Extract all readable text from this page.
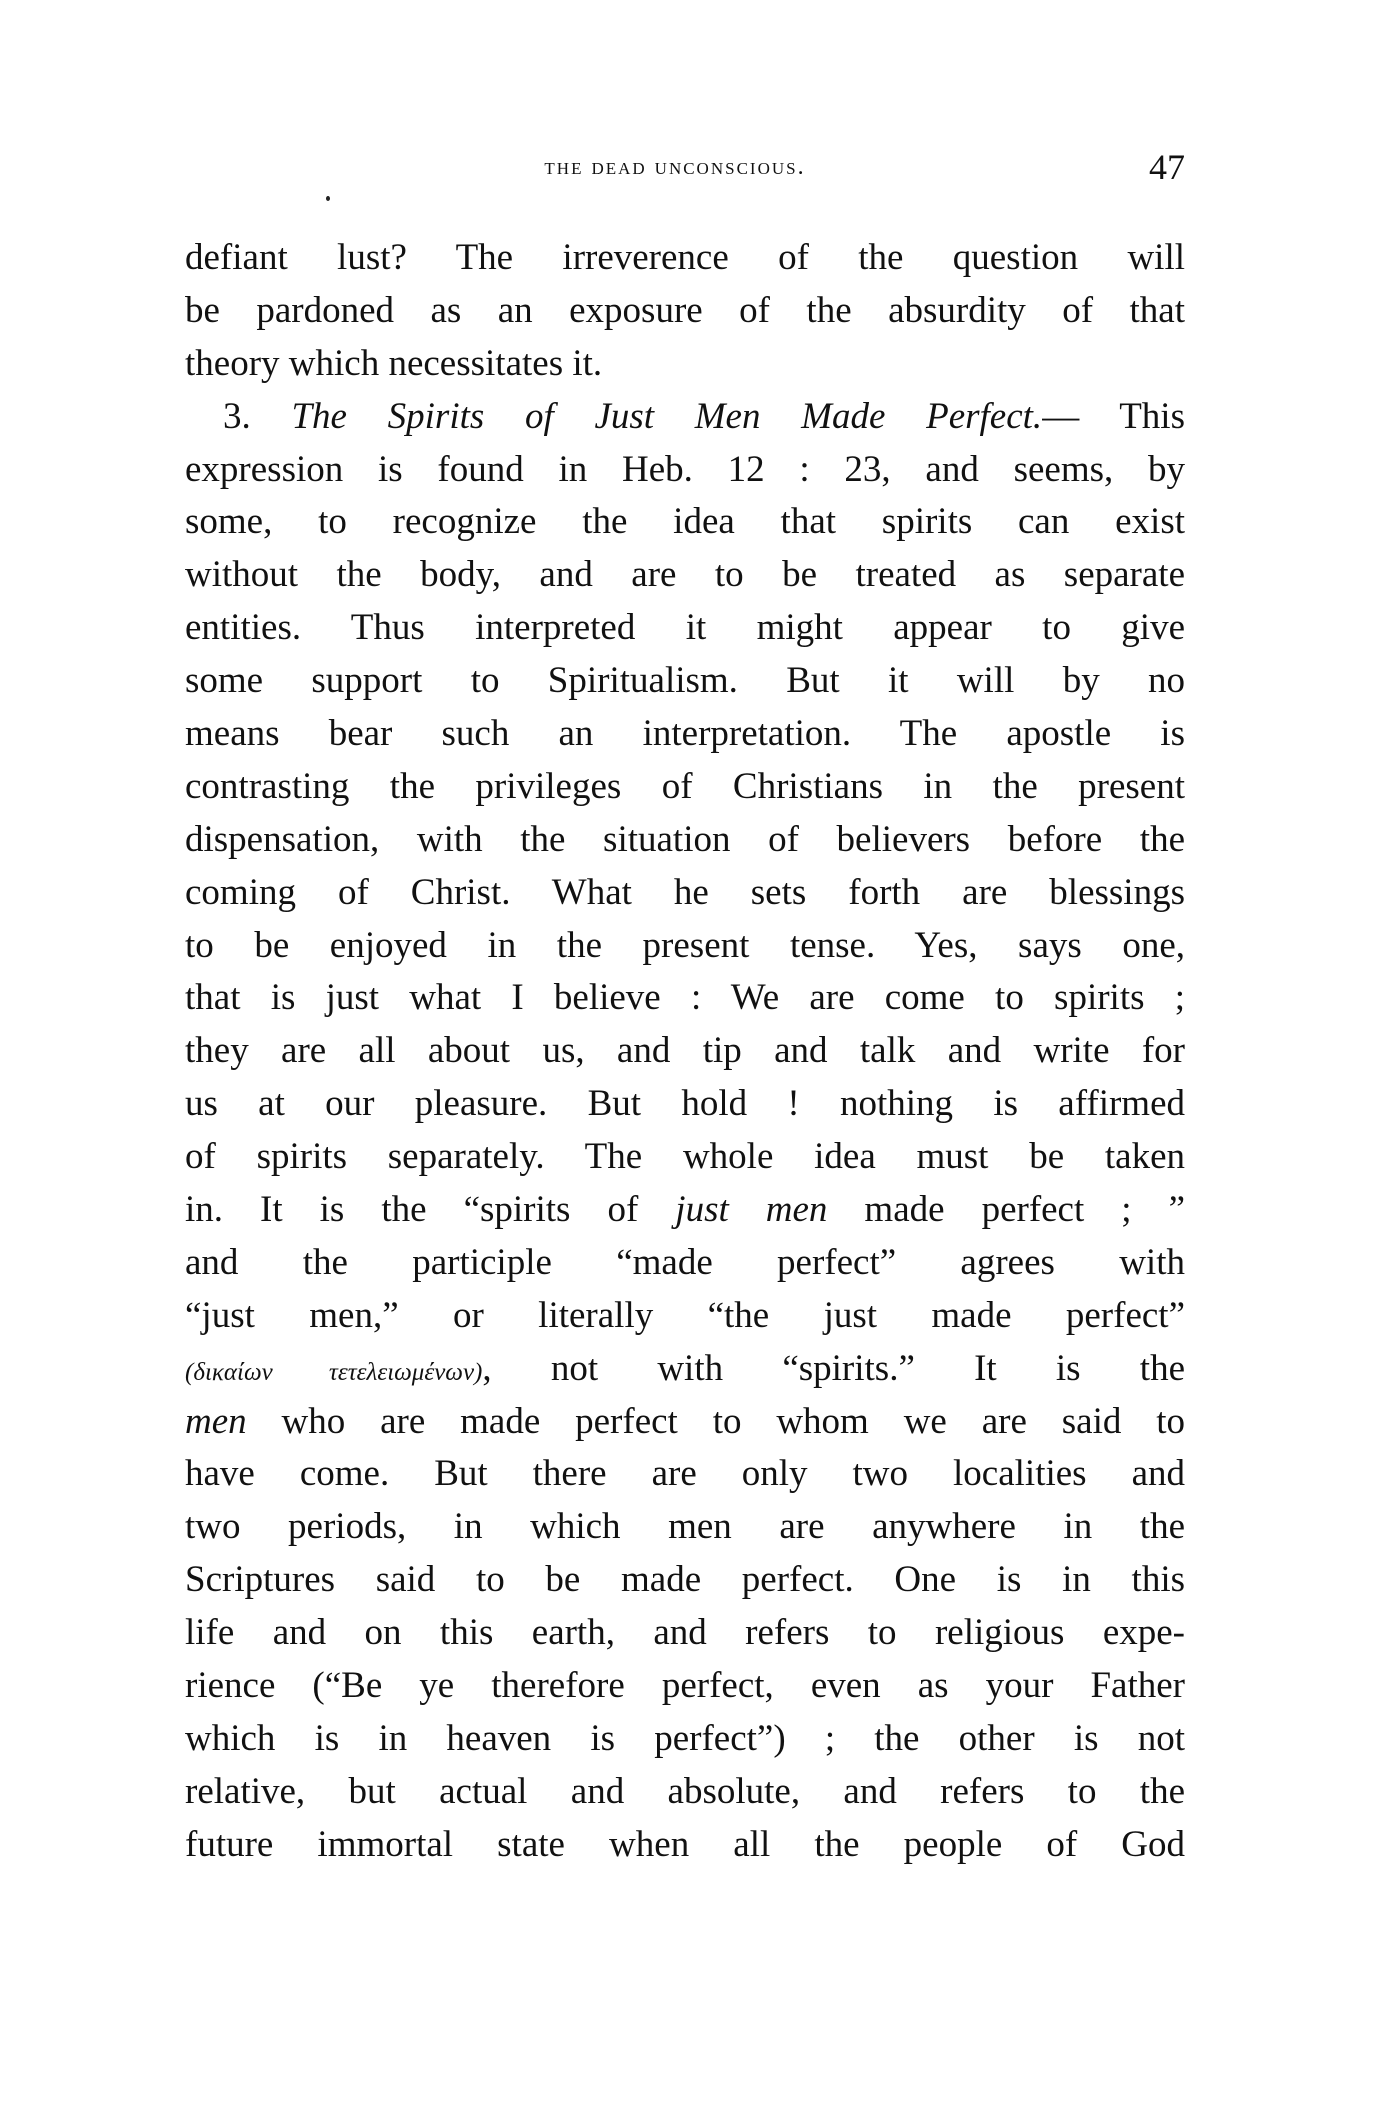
the dead unconscious.	47
defiant lust? The irreverence of the question will
be pardoned as an exposure of the absurdity of that
theory which necessitates it.
3. The Spirits of Just Men Made Perfect.— This
expression is found in Heb. 12 : 23, and seems, by
some, to recognize the idea that spirits can exist
without the body, and are to be treated as separate
entities. Thus interpreted it might appear to give
some support to Spiritualism. But it will by no
means bear such an interpretation. The apostle is
contrasting the privileges of Christians in the present
dispensation, with the situation of believers before the
coming of Christ. What he sets forth are blessings
to be enjoyed in the present tense. Yes, says one,
that is just what I believe : We are come to spirits ;
they are all about us, and tip and talk and write for
us at our pleasure. But hold ! nothing is affirmed
of spirits separately. The whole idea must be taken
in. It is the “spirits of just men made perfect ; ”
and the participle “made perfect” agrees with
“just men,” or literally “the just made perfect”
(δικαίων τετελειωμένων), not with “spirits.” It is the
men who are made perfect to whom we are said to
have come. But there are only two localities and
two periods, in which men are anywhere in the
Scriptures said to be made perfect. One is in this
life and on this earth, and refers to religious expe-
rience (“Be ye therefore perfect, even as your Father
which is in heaven is perfect”) ; the other is not
relative, but actual and absolute, and refers to the
future immortal state when all the people of God
